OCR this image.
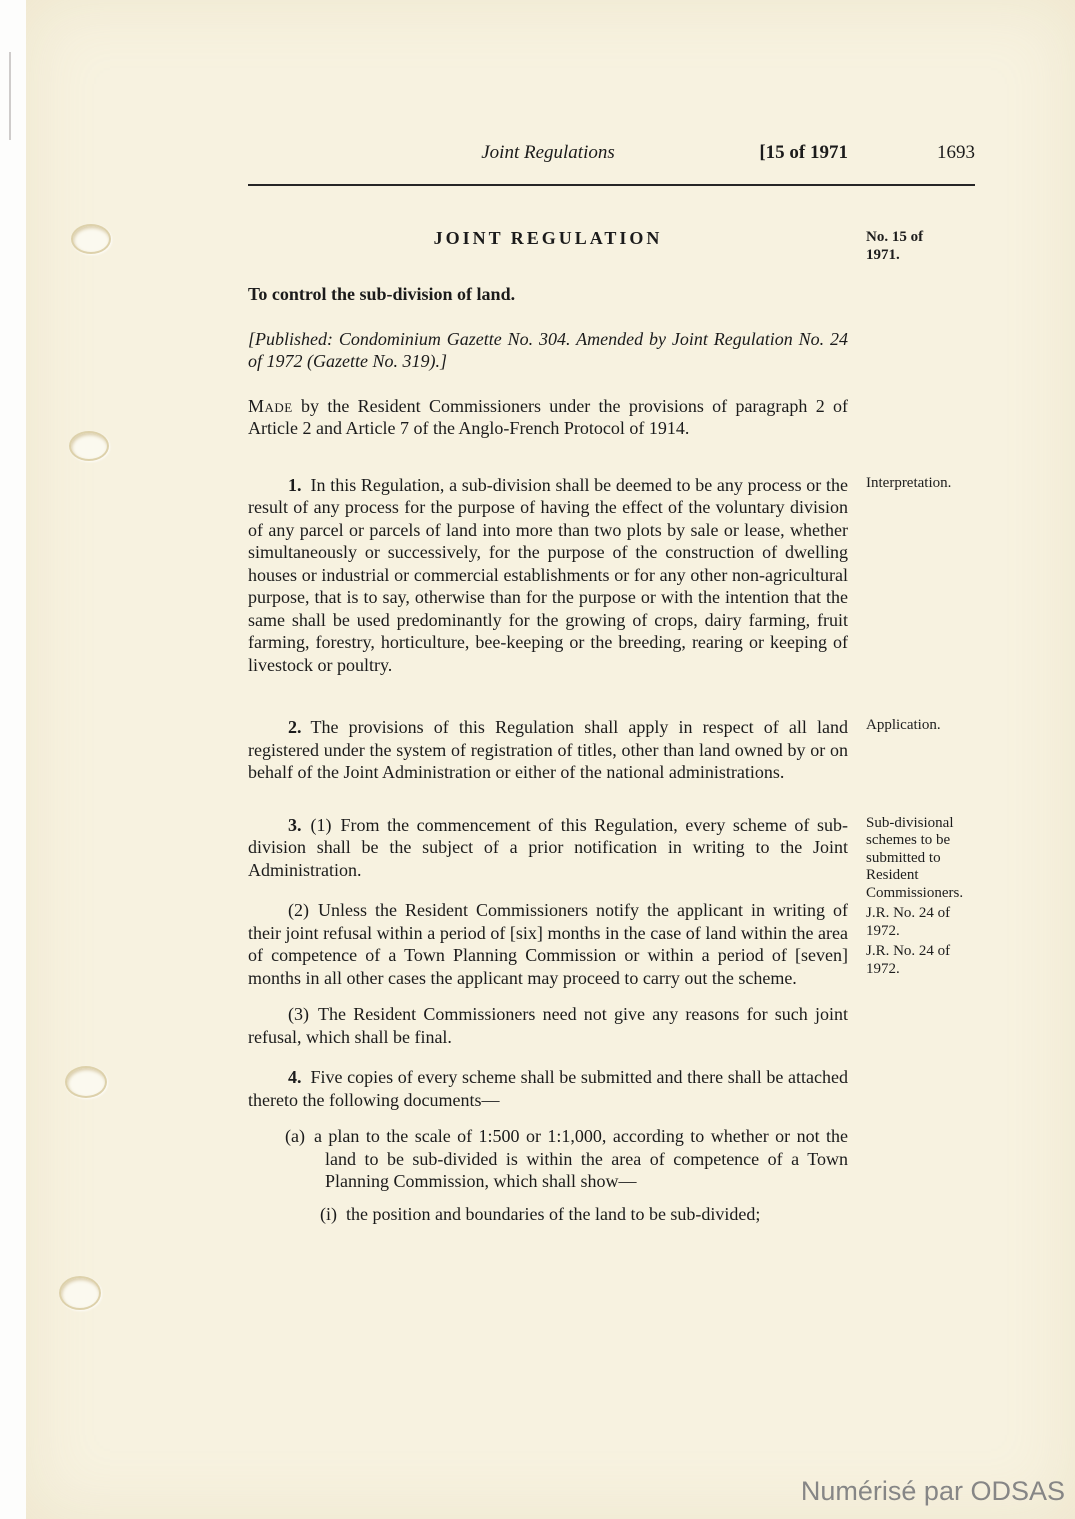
Joint Regulations	[15 of 1971	1693
JOINT REGULATION	No. 15 of 1971.
To control the sub-division of land.

[Published: Condominium Gazette No. 304. Amended by Joint Regulation No. 24 of 1972 (Gazette No. 319).]

Made by the Resident Commissioners under the provisions of paragraph 2 of Article 2 and Article 7 of the Anglo-French Protocol of 1914.

1. In this Regulation, a sub-division shall be deemed to be any process or the result of any process for the purpose of having the effect of the voluntary division of any parcel or parcels of land into more than two plots by sale or lease, whether simultaneously or successively, for the purpose of the construction of dwelling houses or industrial or commercial establishments or for any other non-agricultural purpose, that is to say, otherwise than for the purpose or with the intention that the same shall be used predominantly for the growing of crops, dairy farming, fruit farming, forestry, horticulture, bee-keeping or the breeding, rearing or keeping of livestock or poultry.

Interpretation.

2. The provisions of this Regulation shall apply in respect of all land registered under the system of registration of titles, other than land owned by or on behalf of the Joint Administration or either of the national administrations.

Application.

3. (1) From the commencement of this Regulation, every scheme of sub-division shall be the subject of a prior notification in writing to the Joint Administration.

(2) Unless the Resident Commissioners notify the applicant in writing of their joint refusal within a period of [six] months in the case of land within the area of competence of a Town Planning Commission or within a period of [seven] months in all other cases the applicant may proceed to carry out the scheme.

(3) The Resident Commissioners need not give any reasons for such joint refusal, which shall be final.

Sub-divisional schemes to be submitted to Resident Commissioners.
J.R. No. 24 of 1972.
J.R. No. 24 of 1972.

4. Five copies of every scheme shall be submitted and there shall be attached thereto the following documents—

(a) a plan to the scale of 1:500 or 1:1,000, according to whether or not the land to be sub-divided is within the area of competence of a Town Planning Commission, which shall show—

(i) the position and boundaries of the land to be sub-divided;

Numérisé par ODSAS
